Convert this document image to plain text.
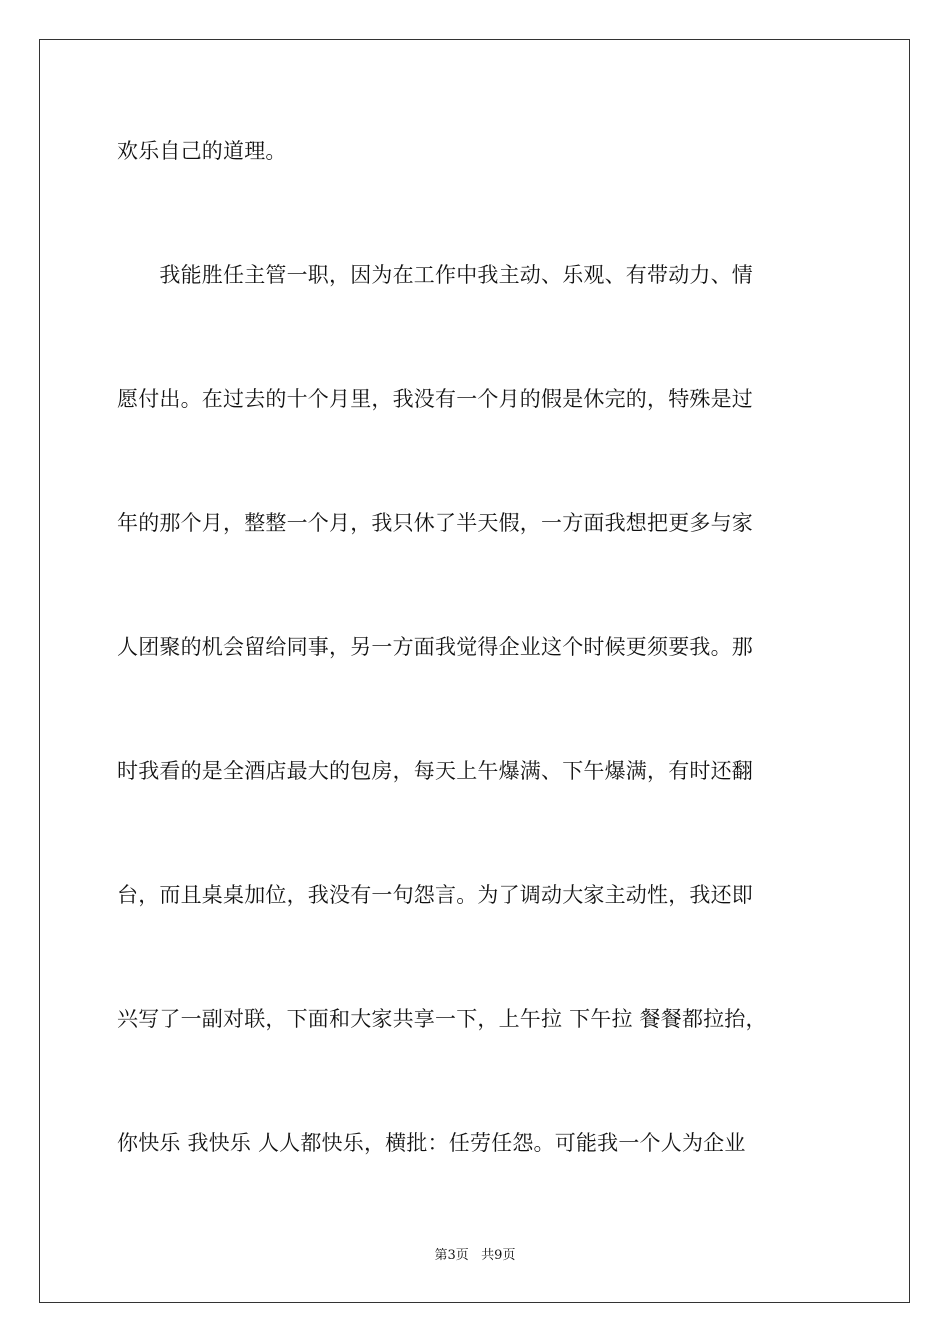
欢乐自己的道理。
　　我能胜任主管一职，因为在工作中我主动、乐观、有带动力、情
愿付出。在过去的十个月里，我没有一个月的假是休完的，特殊是过
年的那个月，整整一个月，我只休了半天假，一方面我想把更多与家
人团聚的机会留给同事，另一方面我觉得企业这个时候更须要我。那
时我看的是全酒店最大的包房，每天上午爆满、下午爆满，有时还翻
台，而且桌桌加位，我没有一句怨言。为了调动大家主动性，我还即
兴写了一副对联，下面和大家共享一下，上午拉 下午拉 餐餐都拉抬，
你快乐 我快乐 人人都快乐，横批：任劳任怨。可能我一个人为企业
第3页   共9页
